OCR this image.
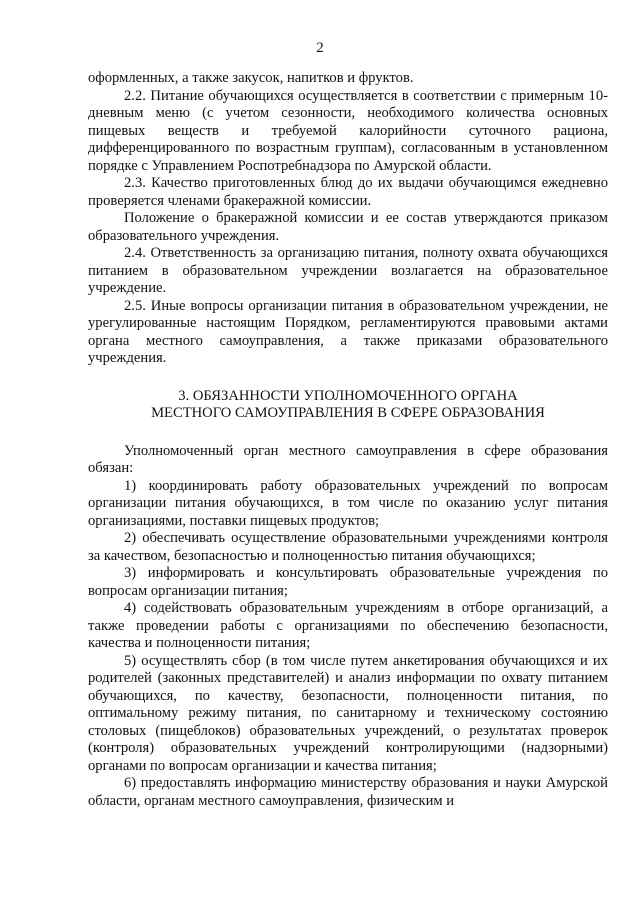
2

оформленных, а также закусок, напитков и фруктов.

2.2. Питание обучающихся осуществляется в соответствии с примерным 10-дневным меню (с учетом сезонности, необходимого количества основных пищевых веществ и требуемой калорийности суточного рациона, дифференцированного по возрастным группам), согласованным в установленном порядке с Управлением Роспотребнадзора по Амурской области.

2.3. Качество приготовленных блюд до их выдачи обучающимся ежедневно проверяется членами бракеражной комиссии.

Положение о бракеражной комиссии и ее состав утверждаются приказом образовательного учреждения.

2.4. Ответственность за организацию питания, полноту охвата обучающихся питанием в образовательном учреждении возлагается на образовательное учреждение.

2.5. Иные вопросы организации питания в образовательном учреждении, не урегулированные настоящим Порядком, регламентируются правовыми актами органа местного самоуправления, а также приказами образовательного учреждения.

3. ОБЯЗАННОСТИ УПОЛНОМОЧЕННОГО ОРГАНА
МЕСТНОГО САМОУПРАВЛЕНИЯ В СФЕРЕ ОБРАЗОВАНИЯ

Уполномоченный орган местного самоуправления в сфере образования обязан:

1) координировать работу образовательных учреждений по вопросам организации питания обучающихся, в том числе по оказанию услуг питания организациями, поставки пищевых продуктов;

2) обеспечивать осуществление образовательными учреждениями контроля за качеством, безопасностью и полноценностью питания обучающихся;

3) информировать и консультировать образовательные учреждения по вопросам организации питания;

4) содействовать образовательным учреждениям в отборе организаций, а также проведении работы с организациями по обеспечению безопасности, качества и полноценности питания;

5) осуществлять сбор (в том числе путем анкетирования обучающихся и их родителей (законных представителей) и анализ информации по охвату питанием обучающихся, по качеству, безопасности, полноценности питания, по оптимальному режиму питания, по санитарному и техническому состоянию столовых (пищеблоков) образовательных учреждений, о результатах проверок (контроля) образовательных учреждений контролирующими (надзорными) органами по вопросам организации и качества питания;

6) предоставлять информацию министерству образования и науки Амурской области, органам местного самоуправления, физическим и
